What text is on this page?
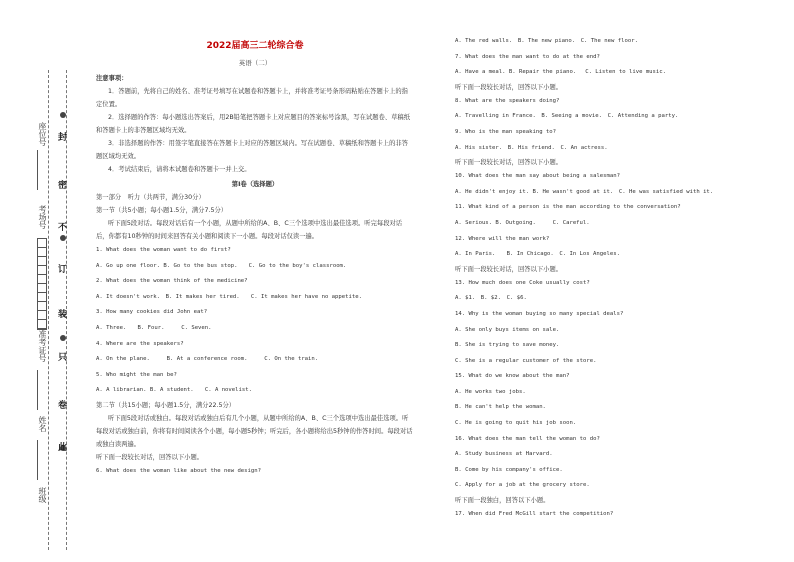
封
密
不
订
装
只
卷
此
座位号
考场号
准考证号
姓名
班级
2022届高三二轮综合卷
英语（二）
注意事项：
1．答题前，先将自己的姓名、准考证号填写在试题卷和答题卡上，并将准考证号条形码粘贴在答题卡上的指定位置。
2．选择题的作答：每小题选出答案后，用2B铅笔把答题卡上对应题目的答案标号涂黑，写在试题卷、草稿纸和答题卡上的非答题区域均无效。
3．非选择题的作答：用签字笔直接答在答题卡上对应的答题区域内。写在试题卷、草稿纸和答题卡上的非答题区域均无效。
4．考试结束后，请将本试题卷和答题卡一并上交。
第Ⅰ卷（选择题）
第一部分　听力（共两节，满分30分）
第一节（共5小题；每小题1.5分，满分7.5分）
听下面5段对话。每段对话后有一个小题，从题中所给的A、B、C三个选项中选出最佳选项。听完每段对话后，你都有10秒钟的时间来回答有关小题和阅读下一小题。每段对话仅读一遍。
1. What does the woman want to do first?
A. Go up one floor. B. Go to the bus stop.　　C. Go to the boy's classroom.
2. What does the woman think of the medicine?
A. It doesn't work.　B. It makes her tired.　　C. It makes her have no appetite.
3. How many cookies did John eat?
A. Three.　　B. Four.　　　C. Seven.
4. Where are the speakers?
A. On the plane.　　　B. At a conference room.　　　C. On the train.
5. Who might the man be?
A. A librarian. B. A student.　　C. A novelist.
第二节（共15小题；每小题1.5分，满分22.5分）
听下面5段对话或独白。每段对话或独白后有几个小题，从题中所给的A、B、C三个选项中选出最佳选项。听每段对话或独白前，你将有时间阅读各个小题，每小题5秒钟；听完后，各小题将给出5秒钟的作答时间。每段对话或独白读两遍。
听下面一段较长对话，回答以下小题。
6. What does the woman like about the new design?
A. The red walls.　B. The new piano.　C. The new floor.
7. What does the man want to do at the end?
A. Have a meal. B. Repair the piano.　 C. Listen to live music.
听下面一段较长对话，回答以下小题。
8. What are the speakers doing?
A. Travelling in France.　B. Seeing a movie.　C. Attending a party.
9. Who is the man speaking to?
A. His sister.　B. His friend.　C. An actress.
听下面一段较长对话，回答以下小题。
10. What does the man say about being a salesman?
A. He didn't enjoy it. B. He wasn't good at it.　C. He was satisfied with it.
11. What kind of a person is the man according to the conversation?
A. Serious. B. Outgoing.　　　C. Careful.
12. Where will the man work?
A. In Paris.　　B. In Chicago.　C. In Los Angeles.
听下面一段较长对话，回答以下小题。
13. How much does one Coke usually cost?
A. $1.　B. $2.　C. $6.
14. Why is the woman buying so many special deals?
A. She only buys items on sale.
B. She is trying to save money.
C. She is a regular customer of the store.
15. What do we know about the man?
A. He works two jobs.
B. He can't help the woman.
C. He is going to quit his job soon.
16. What does the man tell the woman to do?
A. Study business at Harvard.
B. Come by his company's office.
C. Apply for a job at the grocery store.
听下面一段独白，回答以下小题。
17. When did Fred McGill start the competition?
